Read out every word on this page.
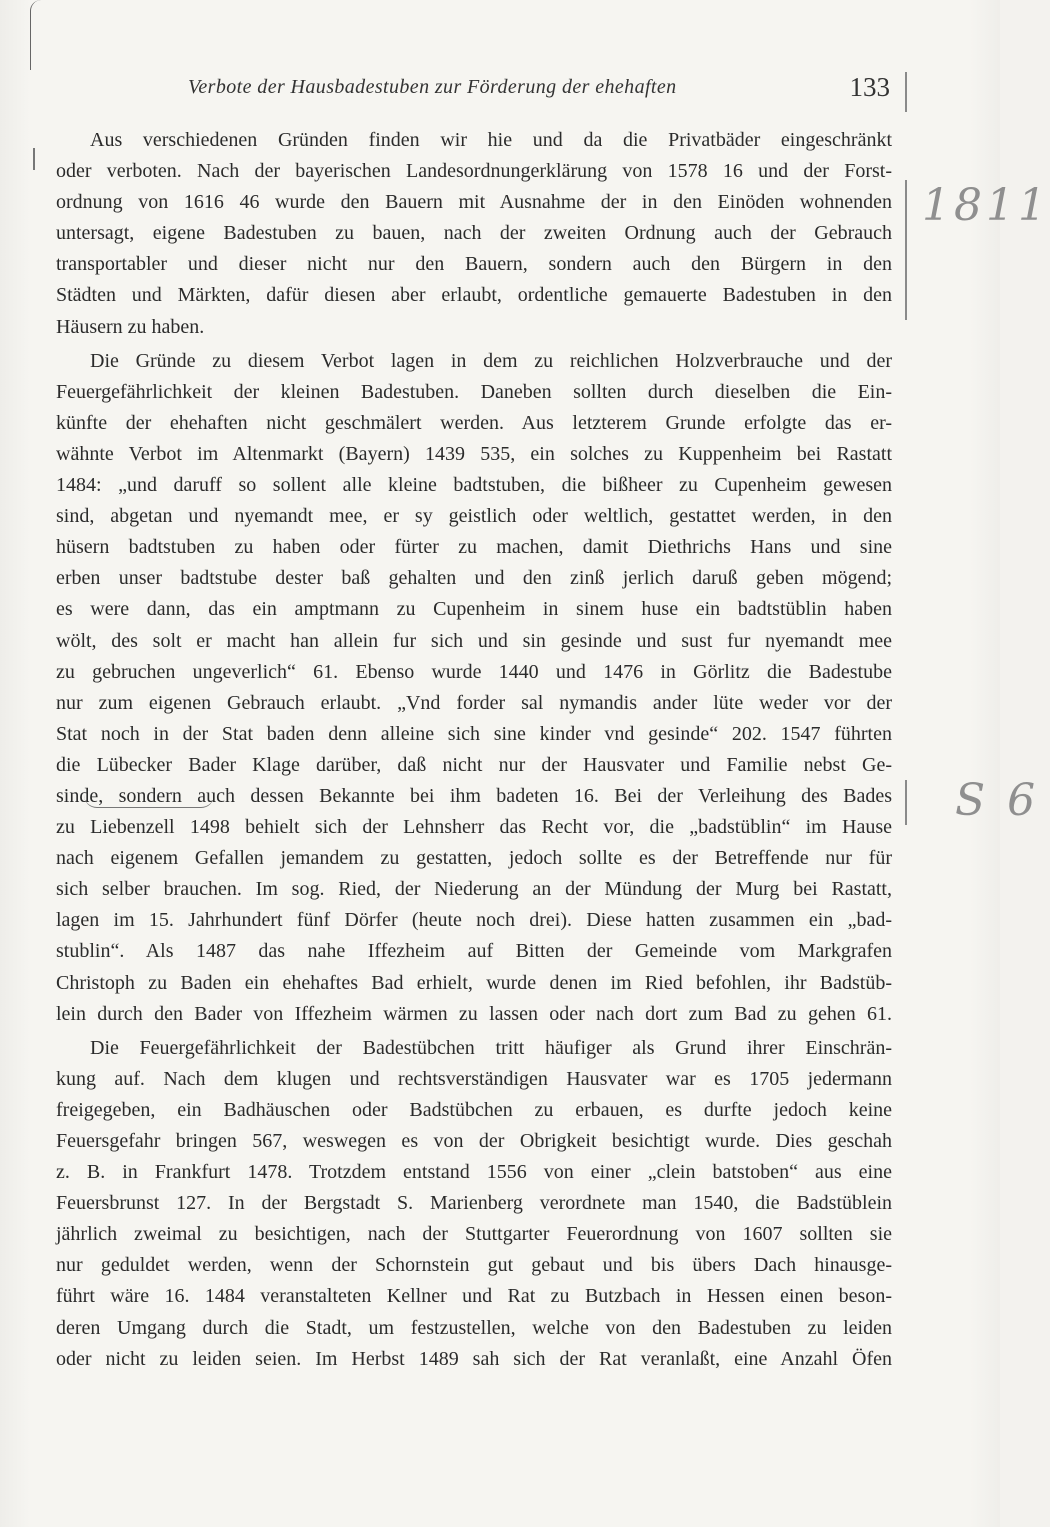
Verbote der Hausbadestuben zur Förderung der ehehaften	133
1811
S 6
Aus verschiedenen Gründen finden wir hie und da die Privatbäder eingeschränkt
oder verboten. Nach der bayerischen Landesordnungerklärung von 1578 16 und der Forst-
ordnung von 1616 46 wurde den Bauern mit Ausnahme der in den Einöden wohnenden
untersagt, eigene Badestuben zu bauen, nach der zweiten Ordnung auch der Gebrauch
transportabler und dieser nicht nur den Bauern, sondern auch den Bürgern in den
Städten und Märkten, dafür diesen aber erlaubt, ordentliche gemauerte Badestuben in den
Häusern zu haben.
Die Gründe zu diesem Verbot lagen in dem zu reichlichen Holzverbrauche und der
Feuergefährlichkeit der kleinen Badestuben. Daneben sollten durch dieselben die Ein-
künfte der ehehaften nicht geschmälert werden. Aus letzterem Grunde erfolgte das er-
wähnte Verbot im Altenmarkt (Bayern) 1439 535, ein solches zu Kuppenheim bei Rastatt
1484: „und daruff so sollent alle kleine badtstuben, die bißheer zu Cupenheim gewesen
sind, abgetan und nyemandt mee, er sy geistlich oder weltlich, gestattet werden, in den
hüsern badtstuben zu haben oder fürter zu machen, damit Diethrichs Hans und sine
erben unser badtstube dester baß gehalten und den zinß jerlich daruß geben mögend;
es were dann, das ein amptmann zu Cupenheim in sinem huse ein badtstüblin haben
wölt, des solt er macht han allein fur sich und sin gesinde und sust fur nyemandt mee
zu gebruchen ungeverlich“ 61. Ebenso wurde 1440 und 1476 in Görlitz die Badestube
nur zum eigenen Gebrauch erlaubt. „Vnd forder sal nymandis ander lüte weder vor der
Stat noch in der Stat baden denn alleine sich sine kinder vnd gesinde“ 202. 1547 führten
die Lübecker Bader Klage darüber, daß nicht nur der Hausvater und Familie nebst Ge-
sinde, sondern auch dessen Bekannte bei ihm badeten 16. Bei der Verleihung des Bades
zu Liebenzell 1498 behielt sich der Lehnsherr das Recht vor, die „badstüblin“ im Hause
nach eigenem Gefallen jemandem zu gestatten, jedoch sollte es der Betreffende nur für
sich selber brauchen. Im sog. Ried, der Niederung an der Mündung der Murg bei Rastatt,
lagen im 15. Jahrhundert fünf Dörfer (heute noch drei). Diese hatten zusammen ein „bad-
stublin“. Als 1487 das nahe Iffezheim auf Bitten der Gemeinde vom Markgrafen
Christoph zu Baden ein ehehaftes Bad erhielt, wurde denen im Ried befohlen, ihr Badstüb-
lein durch den Bader von Iffezheim wärmen zu lassen oder nach dort zum Bad zu gehen 61.
Die Feuergefährlichkeit der Badestübchen tritt häufiger als Grund ihrer Einschrän-
kung auf. Nach dem klugen und rechtsverständigen Hausvater war es 1705 jedermann
freigegeben, ein Badhäuschen oder Badstübchen zu erbauen, es durfte jedoch keine
Feuersgefahr bringen 567, weswegen es von der Obrigkeit besichtigt wurde. Dies geschah
z. B. in Frankfurt 1478. Trotzdem entstand 1556 von einer „clein batstoben“ aus eine
Feuersbrunst 127. In der Bergstadt S. Marienberg verordnete man 1540, die Badstüblein
jährlich zweimal zu besichtigen, nach der Stuttgarter Feuerordnung von 1607 sollten sie
nur geduldet werden, wenn der Schornstein gut gebaut und bis übers Dach hinausge-
führt wäre 16. 1484 veranstalteten Kellner und Rat zu Butzbach in Hessen einen beson-
deren Umgang durch die Stadt, um festzustellen, welche von den Badestuben zu leiden
oder nicht zu leiden seien. Im Herbst 1489 sah sich der Rat veranlaßt, eine Anzahl Öfen
